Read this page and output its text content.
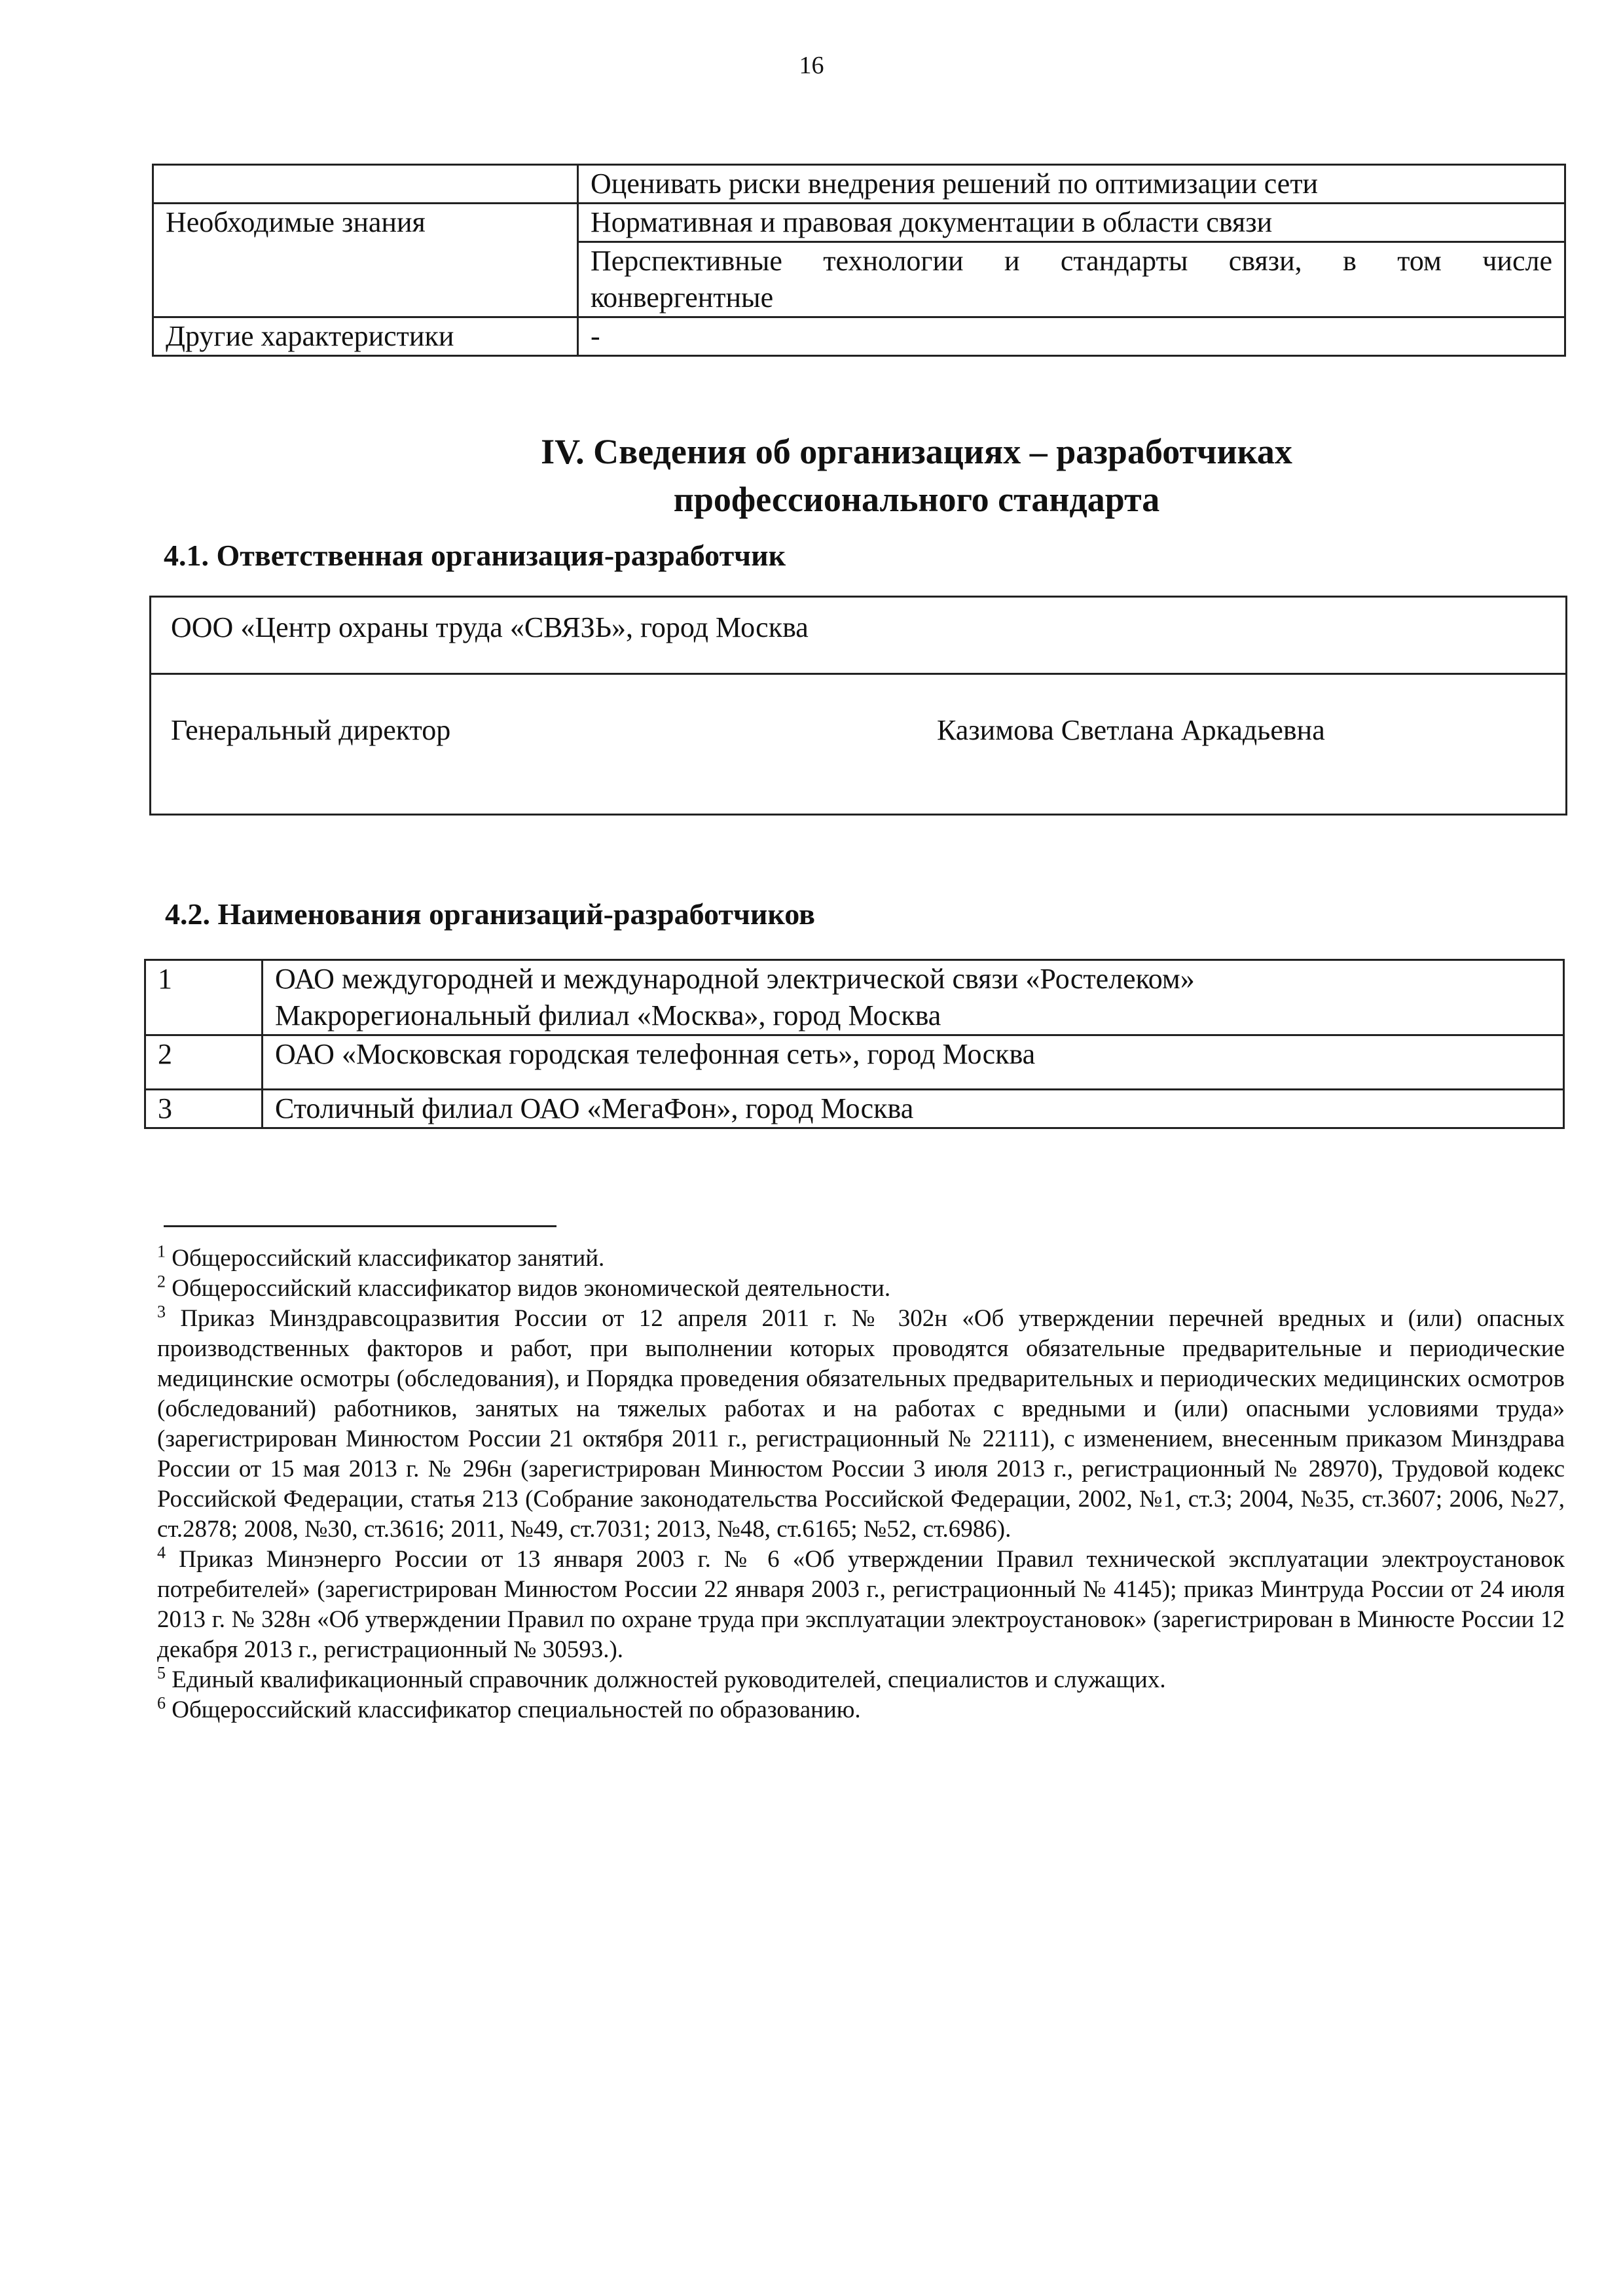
16
	Оценивать риски внедрения решений по оптимизации сети
Необходимые знания	Нормативная и правовая документации в области связи

	Перспективные технологии и стандарты связи, в том числе
конвергентные

Другие характеристики	-
IV. Сведения об организациях – разработчиках
профессионального стандарта
4.1. Ответственная организация-разработчик
ООО «Центр охраны труда «СВЯЗЬ», город Москва
Генеральный директор	Казимова Светлана Аркадьевна
4.2. Наименования организаций-разработчиков
1	ОАО междугородней и международной электрической связи «Ростелеком»
Макрорегиональный филиал «Москва», город Москва

2	ОАО «Московская городская телефонная сеть», город Москва
3	Столичный филиал ОАО «МегаФон», город Москва

$^1$ Общероссийский классификатор занятий.

$^2$ Общероссийский классификатор видов экономической деятельности.

$^3$ Приказ Минздравсоцразвития России от 12 апреля 2011 г. № 302н «Об утверждении перечней вредных и (или) опасных производственных факторов и работ, при выполнении которых проводятся обязательные предварительные и периодические медицинские осмотры (обследования), и Порядка проведения обязательных предварительных и периодических медицинских осмотров (обследований) работников, занятых на тяжелых работах и на работах с вредными и (или) опасными условиями труда» (зарегистрирован Минюстом России 21 октября 2011 г., регистрационный № 22111), с изменением, внесенным приказом Минздрава России от 15 мая 2013 г. № 296н (зарегистрирован Минюстом России 3 июля 2013 г., регистрационный № 28970), Трудовой кодекс Российской Федерации, статья 213 (Собрание законодательства Российской Федерации, 2002, №1, ст.3; 2004, №35, ст.3607; 2006, №27, ст.2878; 2008, №30, ст.3616; 2011, №49, ст.7031; 2013, №48, ст.6165; №52, ст.6986).

$^4$ Приказ Минэнерго России от 13 января 2003 г. № 6 «Об утверждении Правил технической эксплуатации электроустановок потребителей» (зарегистрирован Минюстом России 22 января 2003 г., регистрационный № 4145); приказ Минтруда России от 24 июля 2013 г. № 328н «Об утверждении Правил по охране труда при эксплуатации электроустановок» (зарегистрирован в Минюсте России 12 декабря 2013 г., регистрационный № 30593.).

$^5$ Единый квалификационный справочник должностей руководителей, специалистов и служащих.

$^6$ Общероссийский классификатор специальностей по образованию.
